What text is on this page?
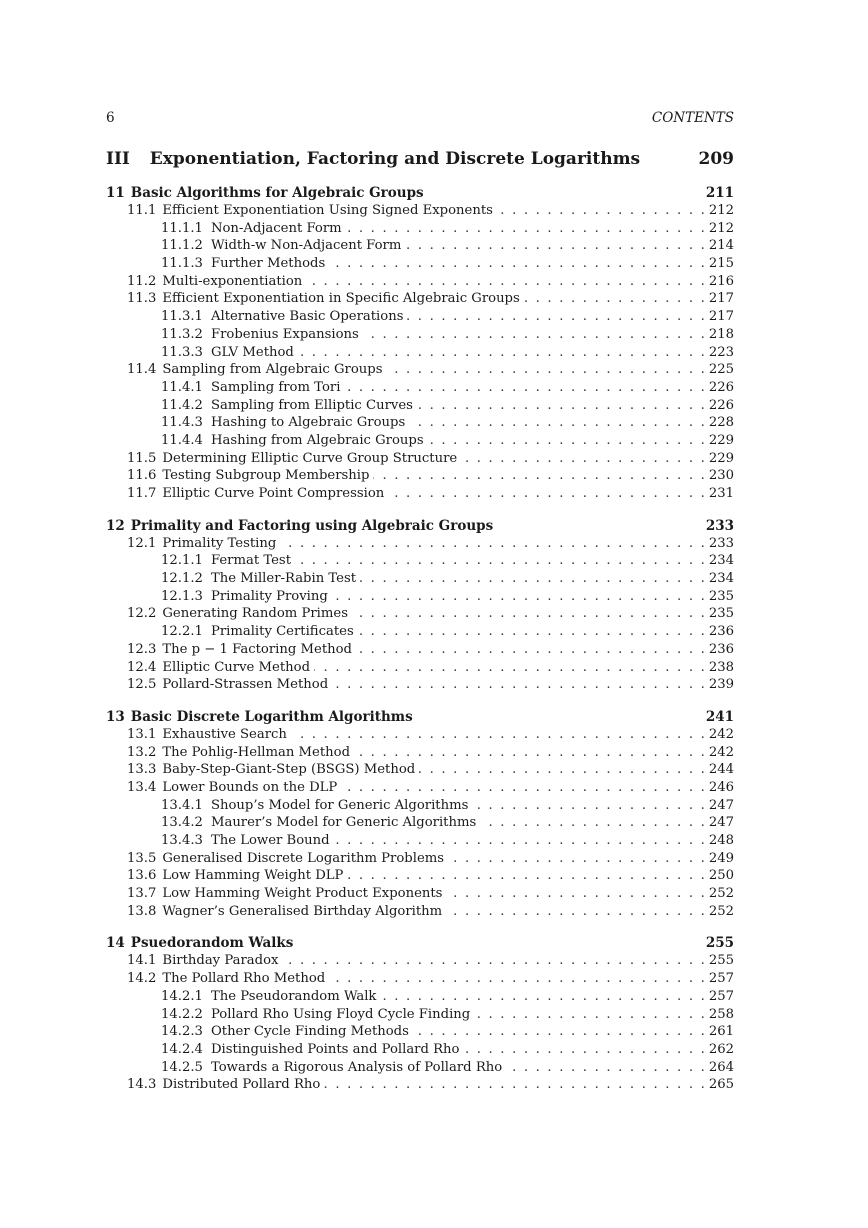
6	CONTENTS
III Exponentiation, Factoring and Discrete Logarithms	209
11 Basic Algorithms for Algebraic Groups	211
11.1 Efficient Exponentiation Using Signed Exponents . . .	212
11.1.1 Non-Adjacent Form . . .	212
11.1.2 Width-w Non-Adjacent Form . . .	214
11.1.3 Further Methods . . .	215
11.2 Multi-exponentiation . . .	216
11.3 Efficient Exponentiation in Specific Algebraic Groups . . .	217
11.3.1 Alternative Basic Operations . . .	217
11.3.2 Frobenius Expansions . . .	218
11.3.3 GLV Method . . .	223
11.4 Sampling from Algebraic Groups . . .	225
11.4.1 Sampling from Tori . . .	226
11.4.2 Sampling from Elliptic Curves . . .	226
11.4.3 Hashing to Algebraic Groups . . .	228
11.4.4 Hashing from Algebraic Groups . . .	229
11.5 Determining Elliptic Curve Group Structure . . .	229
11.6 Testing Subgroup Membership . . .	230
11.7 Elliptic Curve Point Compression . . .	231
12 Primality and Factoring using Algebraic Groups	233
12.1 Primality Testing . . .	233
12.1.1 Fermat Test . . .	234
12.1.2 The Miller-Rabin Test . . .	234
12.1.3 Primality Proving . . .	235
12.2 Generating Random Primes . . .	235
12.2.1 Primality Certificates . . .	236
12.3 The p − 1 Factoring Method . . .	236
12.4 Elliptic Curve Method . . .	238
12.5 Pollard-Strassen Method . . .	239
13 Basic Discrete Logarithm Algorithms	241
13.1 Exhaustive Search . . .	242
13.2 The Pohlig-Hellman Method . . .	242
13.3 Baby-Step-Giant-Step (BSGS) Method . . .	244
13.4 Lower Bounds on the DLP . . .	246
13.4.1 Shoup’s Model for Generic Algorithms . . .	247
13.4.2 Maurer’s Model for Generic Algorithms . . .	247
13.4.3 The Lower Bound . . .	248
13.5 Generalised Discrete Logarithm Problems . . .	249
13.6 Low Hamming Weight DLP . . .	250
13.7 Low Hamming Weight Product Exponents . . .	252
13.8 Wagner’s Generalised Birthday Algorithm . . .	252
14 Psuedorandom Walks	255
14.1 Birthday Paradox . . .	255
14.2 The Pollard Rho Method . . .	257
14.2.1 The Pseudorandom Walk . . .	257
14.2.2 Pollard Rho Using Floyd Cycle Finding . . .	258
14.2.3 Other Cycle Finding Methods . . .	261
14.2.4 Distinguished Points and Pollard Rho . . .	262
14.2.5 Towards a Rigorous Analysis of Pollard Rho . . .	264
14.3 Distributed Pollard Rho . . .	265
